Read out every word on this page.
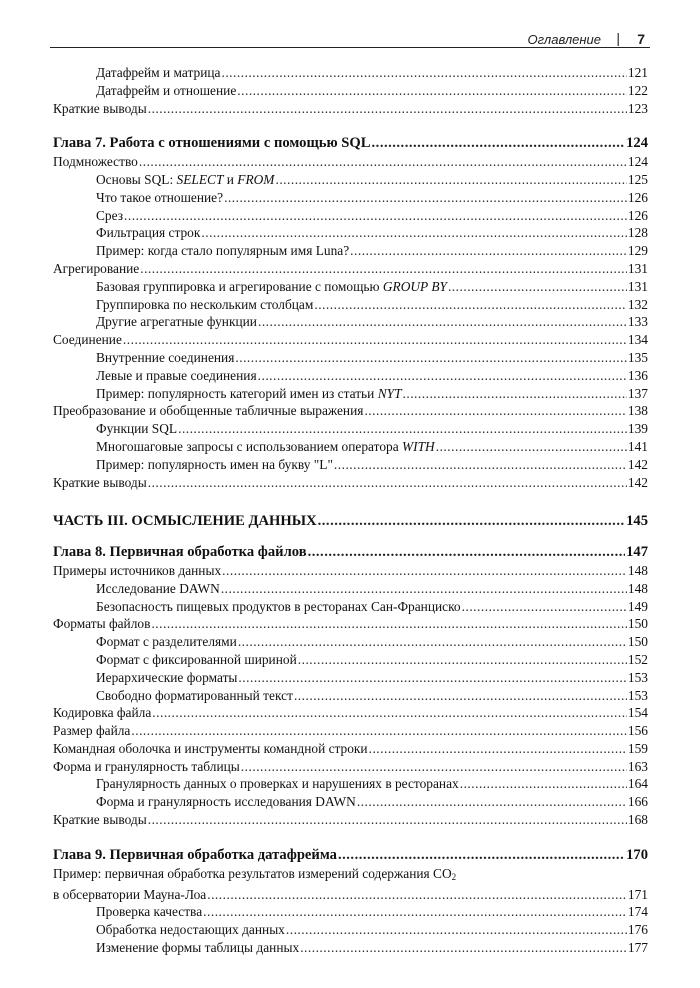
Оглавление | 7
Датафрейм и матрица .....	121
Датафрейм и отношение .....	122
Краткие выводы .....	123
Глава 7. Работа с отношениями с помощью SQL .....	124
Подмножество .....	124
Основы SQL: SELECT и FROM .....	125
Что такое отношение? .....	126
Срез .....	126
Фильтрация строк .....	128
Пример: когда стало популярным имя Luna? .....	129
Агрегирование .....	131
Базовая группировка и агрегирование с помощью GROUP BY .....	131
Группировка по нескольким столбцам .....	132
Другие агрегатные функции .....	133
Соединение .....	134
Внутренние соединения .....	135
Левые и правые соединения .....	136
Пример: популярность категорий имен из статьи NYT .....	137
Преобразование и обобщенные табличные выражения .....	138
Функции SQL .....	139
Многошаговые запросы с использованием оператора WITH .....	141
Пример: популярность имен на букву "L" .....	142
Краткие выводы .....	142
ЧАСТЬ III. ОСМЫСЛЕНИЕ ДАННЫХ .....	145
Глава 8. Первичная обработка файлов .....	147
Примеры источников данных .....	148
Исследование DAWN .....	148
Безопасность пищевых продуктов в ресторанах Сан-Франциско .....	149
Форматы файлов .....	150
Формат с разделителями .....	150
Формат с фиксированной шириной .....	152
Иерархические форматы .....	153
Свободно форматированный текст .....	153
Кодировка файла .....	154
Размер файла .....	156
Командная оболочка и инструменты командной строки .....	159
Форма и гранулярность таблицы .....	163
Гранулярность данных о проверках и нарушениях в ресторанах .....	164
Форма и гранулярность исследования DAWN .....	166
Краткие выводы .....	168
Глава 9. Первичная обработка датафрейма .....	170
Пример: первичная обработка результатов измерений содержания $CO_2$
в обсерватории Мауна-Лоа .....	171
Проверка качества .....	174
Обработка недостающих данных .....	176
Изменение формы таблицы данных .....	177
